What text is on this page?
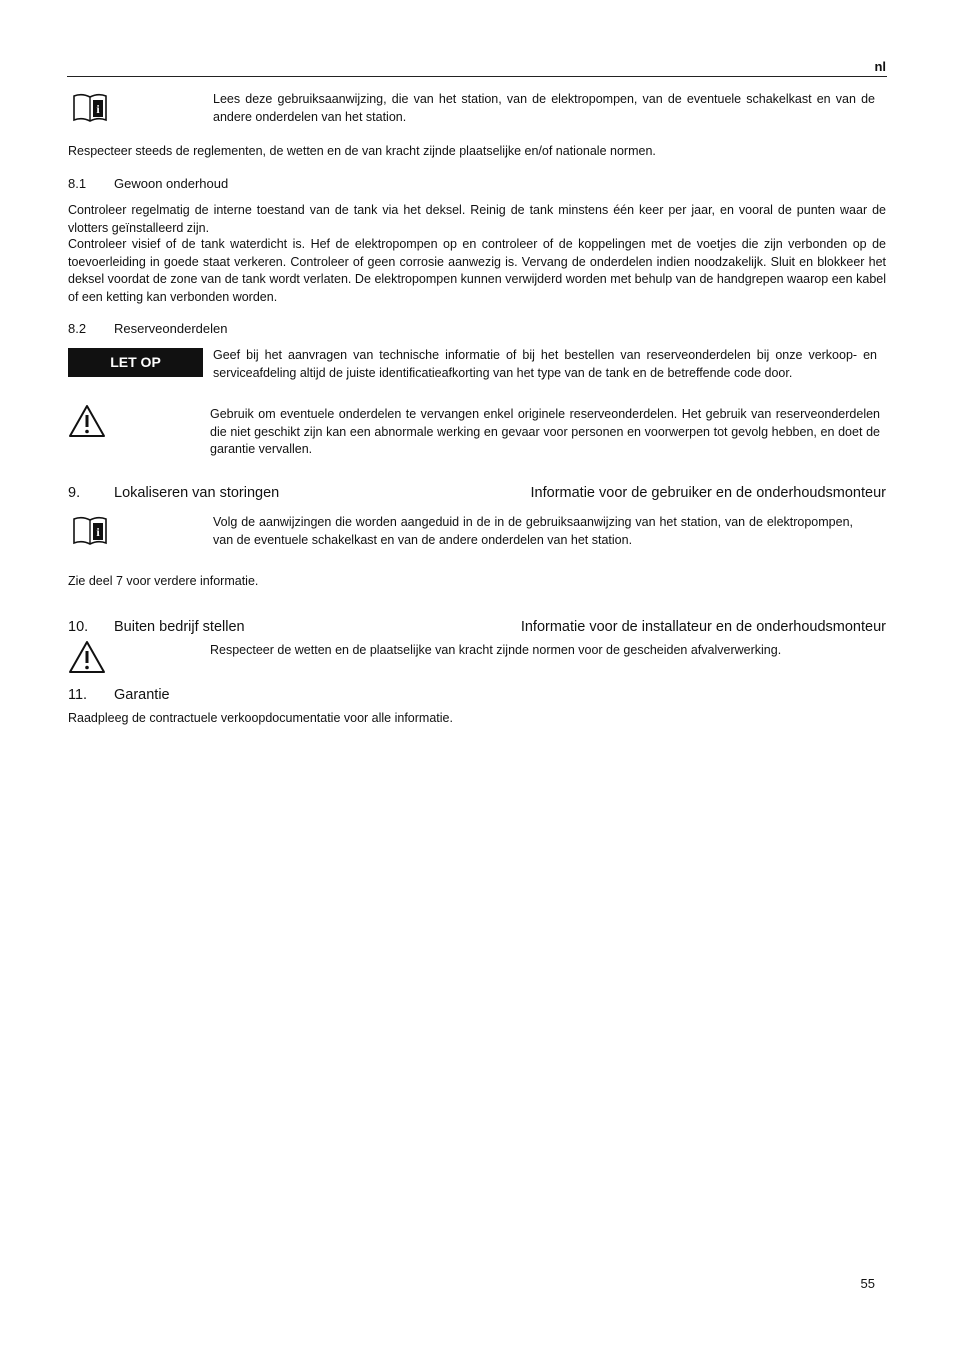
nl
i
Lees deze gebruiksaanwijzing, die van het station, van de elektropompen, van de eventuele schakelkast en van de andere onderdelen van het station.
Respecteer steeds de reglementen, de wetten en de van kracht zijnde plaatselijke en/of nationale normen.
8.1 Gewoon onderhoud
Controleer regelmatig de interne toestand van de tank via het deksel. Reinig de tank minstens één keer per jaar, en vooral de punten waar de vlotters geïnstalleerd zijn.
Controleer visief of de tank waterdicht is. Hef de elektropompen op en controleer of de koppelingen met de voetjes die zijn verbonden op de toevoerleiding in goede staat verkeren. Controleer of geen corrosie aanwezig is. Vervang de onderdelen indien noodzakelijk. Sluit en blokkeer het deksel voordat de zone van de tank wordt verlaten. De elektropompen kunnen verwijderd worden met behulp van de handgrepen waarop een kabel of een ketting kan verbonden worden.
8.2 Reserveonderdelen
LET OP	Geef bij het aanvragen van technische informatie of bij het bestellen van reserveonderdelen bij onze verkoop- en serviceafdeling altijd de juiste identificatieafkorting van het type van de tank en de betreffende code door.
Gebruik om eventuele onderdelen te vervangen enkel originele reserveonderdelen. Het gebruik van reserveonderdelen die niet geschikt zijn kan een abnormale werking en gevaar voor personen en voorwerpen tot gevolg hebben, en doet de garantie vervallen.
9. Lokaliseren van storingen	Informatie voor de gebruiker en de onderhoudsmonteur
i
Volg de aanwijzingen die worden aangeduid in de in de gebruiksaanwijzing van het station, van de elektropompen, van de eventuele schakelkast en van de andere onderdelen van het station.
Zie deel 7 voor verdere informatie.
10. Buiten bedrijf stellen	Informatie voor de installateur en de onderhoudsmonteur
Respecteer de wetten en de plaatselijke van kracht zijnde normen voor de gescheiden afvalverwerking.
11. Garantie
Raadpleeg de contractuele verkoopdocumentatie voor alle informatie.
55
